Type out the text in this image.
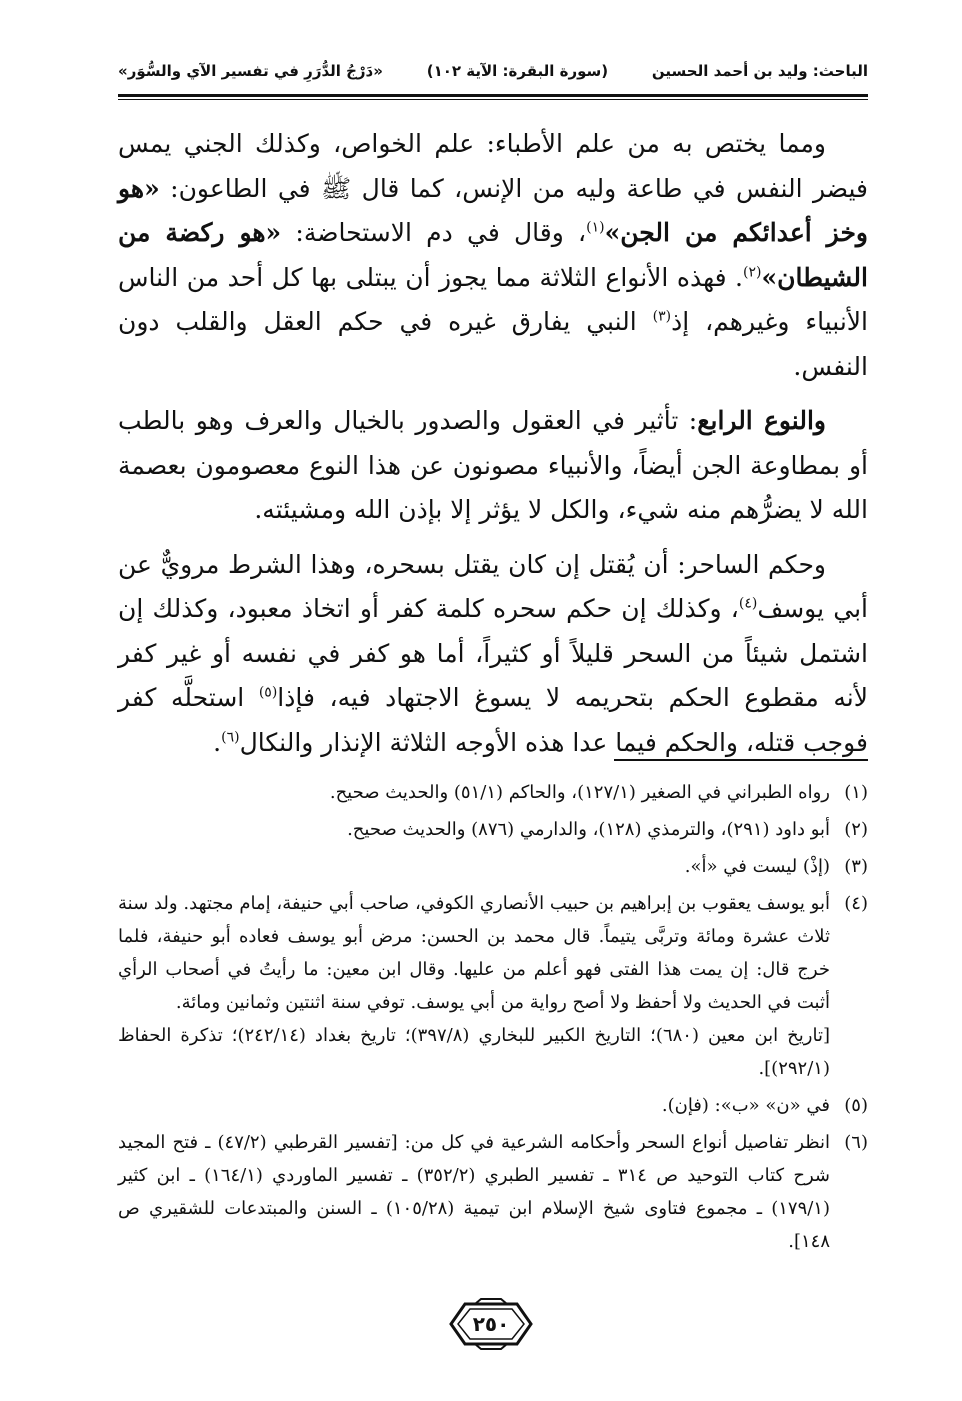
الباحث: وليد بن أحمد الحسين
(سورة البقرة: الآية ١٠٢)
«دَرْجُ الدُّرَرِ في تفسير الآي والسُّوَر»

ومما يختص به من علم الأطباء: علم الخواص، وكذلك الجني يمس فيضر النفس في طاعة وليه من الإنس، كما قال ﷺ في الطاعون: «هو وخز أعدائكم من الجن»$^{(١)}$، وقال في دم الاستحاضة: «هو ركضة من الشيطان»$^{(٢)}$. فهذه الأنواع الثلاثة مما يجوز أن يبتلى بها كل أحد من الناس الأنبياء وغيرهم، إذ$^{(٣)}$ النبي يفارق غيره في حكم العقل والقلب دون النفس.

والنوع الرابع: تأثير في العقول والصدور بالخيال والعرف وهو بالطب أو بمطاوعة الجن أيضاً، والأنبياء مصونون عن هذا النوع معصومون بعصمة الله لا يضرُّهم منه شيء، والكل لا يؤثر إلا بإذن الله ومشيئته.

وحكم الساحر: أن يُقتل إن كان يقتل بسحره، وهذا الشرط مرويٌّ عن أبي يوسف$^{(٤)}$، وكذلك إن حكم سحره كلمة كفر أو اتخاذ معبود، وكذلك إن اشتمل شيئاً من السحر قليلاً أو كثيراً، أما هو كفر في نفسه أو غير كفر لأنه مقطوع الحكم بتحريمه لا يسوغ الاجتهاد فيه، فإذا$^{(٥)}$ استحلَّه كفر فوجب قتله، والحكم فيما عدا هذه الأوجه الثلاثة الإنذار والنكال$^{(٦)}$.

(١)
رواه الطبراني في الصغير (١٢٧/١)، والحاكم (٥١/١) والحديث صحيح.
(٢)
أبو داود (٢٩١)، والترمذي (١٢٨)، والدارمي (٨٧٦) والحديث صحيح.
(٣)
(إذْ) ليست في «أ».
(٤)
أبو يوسف يعقوب بن إبراهيم بن حبيب الأنصاري الكوفي، صاحب أبي حنيفة، إمام مجتهد. ولد سنة ثلاث عشرة ومائة وتربَّى يتيماً. قال محمد بن الحسن: مرض أبو يوسف فعاده أبو حنيفة، فلما خرج قال: إن يمت هذا الفتى فهو أعلم من عليها. وقال ابن معين: ما رأيتُ في أصحاب الرأي أثبت في الحديث ولا أحفظ ولا أصح رواية من أبي يوسف. توفي سنة اثنتين وثمانين ومائة.
[تاريخ ابن معين (٦٨٠)؛ التاريخ الكبير للبخاري (٣٩٧/٨)؛ تاريخ بغداد (٢٤٢/١٤)؛ تذكرة الحفاظ (٢٩٢/١)].
(٥)
في «ن» «ب»: (فإن).
(٦)
انظر تفاصيل أنواع السحر وأحكامه الشرعية في كل من: [تفسير القرطبي (٤٧/٢) ـ فتح المجيد شرح كتاب التوحيد ص ٣١٤ ـ تفسير الطبري (٣٥٢/٢) ـ تفسير الماوردي (١٦٤/١) ـ ابن كثير (١٧٩/١) ـ مجموع فتاوى شيخ الإسلام ابن تيمية (١٠٥/٢٨) ـ السنن والمبتدعات للشقيري ص ١٤٨].
٢٥٠
